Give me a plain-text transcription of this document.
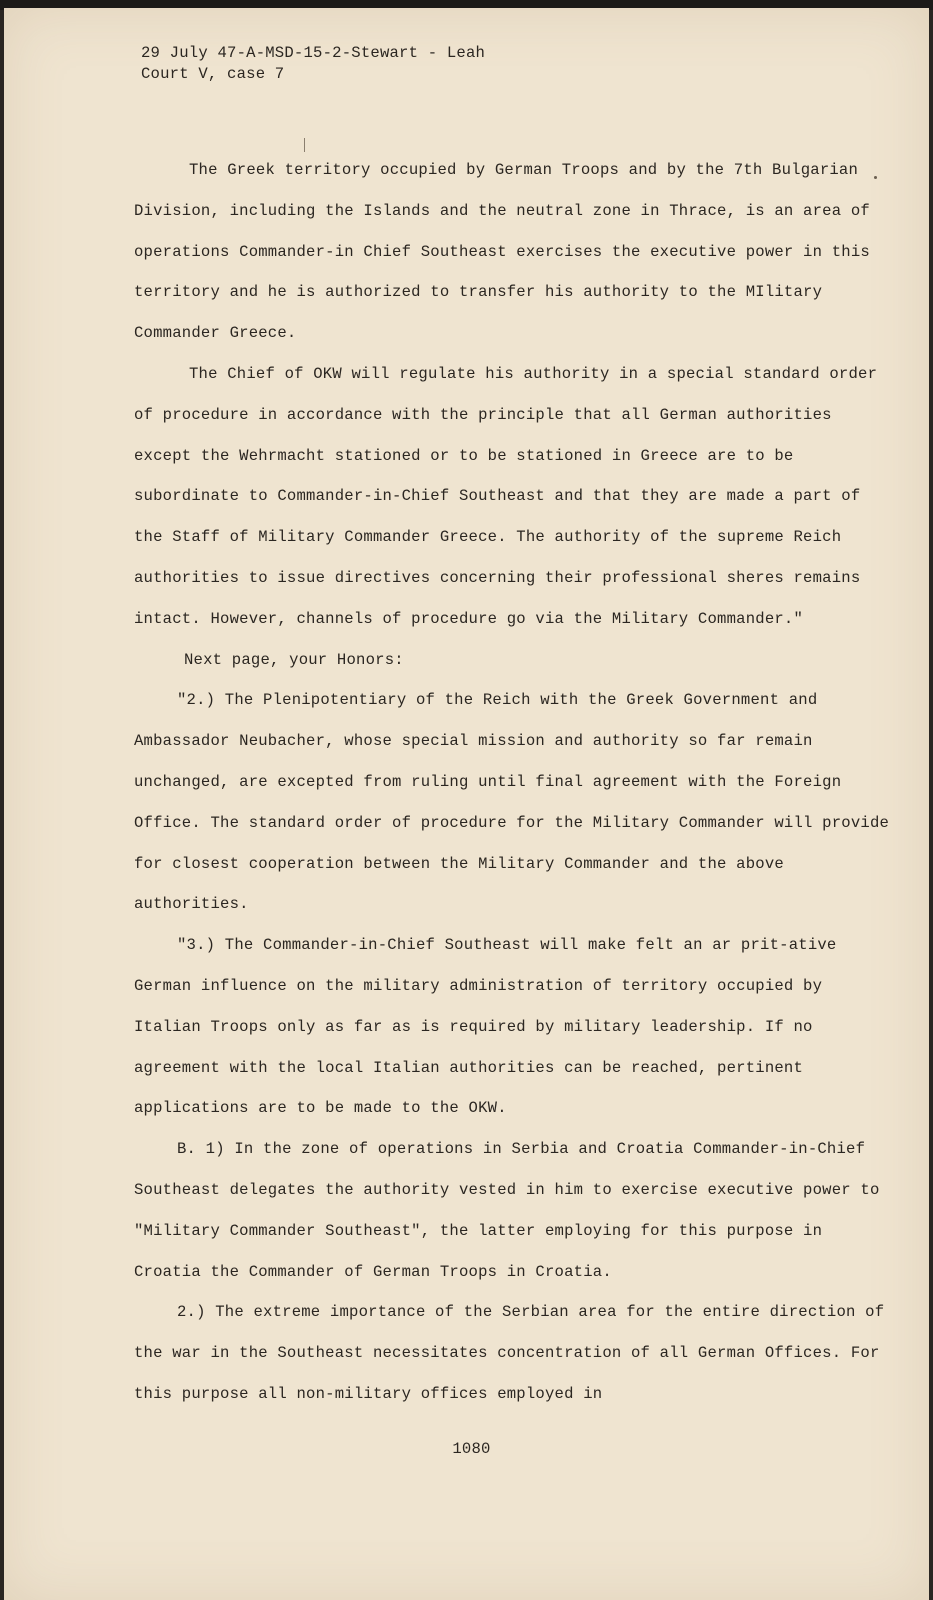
29 July 47-A-MSD-15-2-Stewart - Leah
Court V, case 7

The Greek territory occupied by German Troops and by the 7th Bulgarian Division, including the Islands and the neutral zone in Thrace, is an area of operations Commander-in Chief Southeast exercises the executive power in this territory and he is authorized to transfer his authority to the MIlitary Commander Greece.

The Chief of OKW will regulate his authority in a special standard order of procedure in accordance with the principle that all German authorities except the Wehrmacht stationed or to be stationed in Greece are to be subordinate to Commander-in-Chief Southeast and that they are made a part of the Staff of Military Commander Greece. The authority of the supreme Reich authorities to issue directives concerning their professional sheres remains intact. However, channels of procedure go via the Military Commander."

Next page, your Honors:

"2.) The Plenipotentiary of the Reich with the Greek Government and Ambassador Neubacher, whose special mission and authority so far remain unchanged, are excepted from ruling until final agreement with the Foreign Office. The standard order of procedure for the Military Commander will provide for closest cooperation between the Military Commander and the above authorities.

"3.) The Commander-in-Chief Southeast will make felt an ar prit-ative German influence on the military administration of territory occupied by Italian Troops only as far as is required by military leadership. If no agreement with the local Italian authorities can be reached, pertinent applications are to be made to the OKW.

B. 1) In the zone of operations in Serbia and Croatia Commander-in-Chief Southeast delegates the authority vested in him to exercise executive power to "Military Commander Southeast", the latter employing for this purpose in Croatia the Commander of German Troops in Croatia.

2.) The extreme importance of the Serbian area for the entire direction of the war in the Southeast necessitates concentration of all German Offices. For this purpose all non-military offices employed in

1080
